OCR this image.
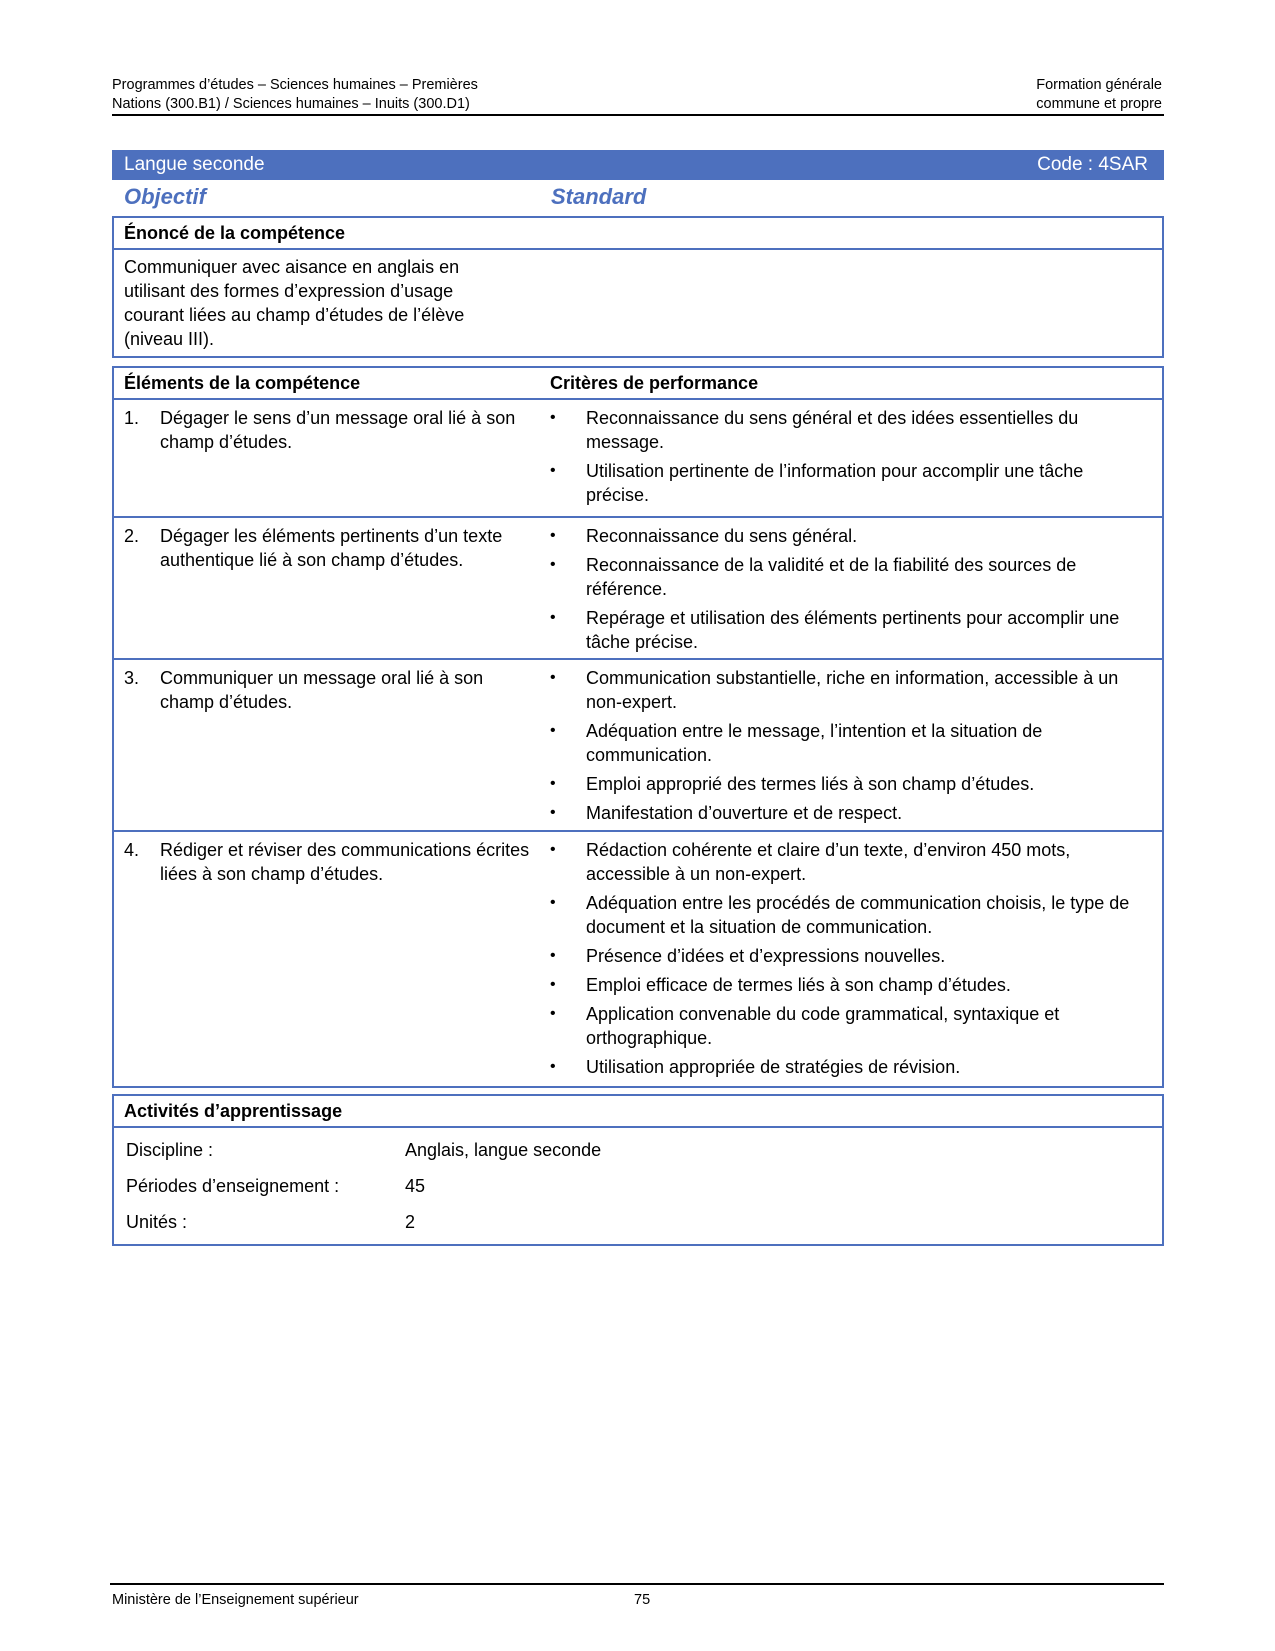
Programmes d’études – Sciences humaines – Premières
Nations (300.B1) / Sciences humaines – Inuits (300.D1)
Formation générale
commune et propre
Langue seconde	Code : 4SAR
Objectif	Standard
Énoncé de la compétence
Communiquer avec aisance en anglais en
utilisant des formes d’expression d’usage
courant liées au champ d’études de l’élève
(niveau III).
Éléments de la compétence	Critères de performance
1. Dégager le sens d’un message oral lié à son champ d’études.
• Reconnaissance du sens général et des idées essentielles du message.
• Utilisation pertinente de l’information pour accomplir une tâche précise.
2. Dégager les éléments pertinents d’un texte authentique lié à son champ d’études.
• Reconnaissance du sens général.
• Reconnaissance de la validité et de la fiabilité des sources de référence.
• Repérage et utilisation des éléments pertinents pour accomplir une tâche précise.
3. Communiquer un message oral lié à son champ d’études.
• Communication substantielle, riche en information, accessible à un non-expert.
• Adéquation entre le message, l’intention et la situation de communication.
• Emploi approprié des termes liés à son champ d’études.
• Manifestation d’ouverture et de respect.
4. Rédiger et réviser des communications écrites liées à son champ d’études.
• Rédaction cohérente et claire d’un texte, d’environ 450 mots, accessible à un non-expert.
• Adéquation entre les procédés de communication choisis, le type de document et la situation de communication.
• Présence d’idées et d’expressions nouvelles.
• Emploi efficace de termes liés à son champ d’études.
• Application convenable du code grammatical, syntaxique et orthographique.
• Utilisation appropriée de stratégies de révision.
Activités d’apprentissage
Discipline :	Anglais, langue seconde
Périodes d’enseignement :	45
Unités :	2
Ministère de l’Enseignement supérieur	75
